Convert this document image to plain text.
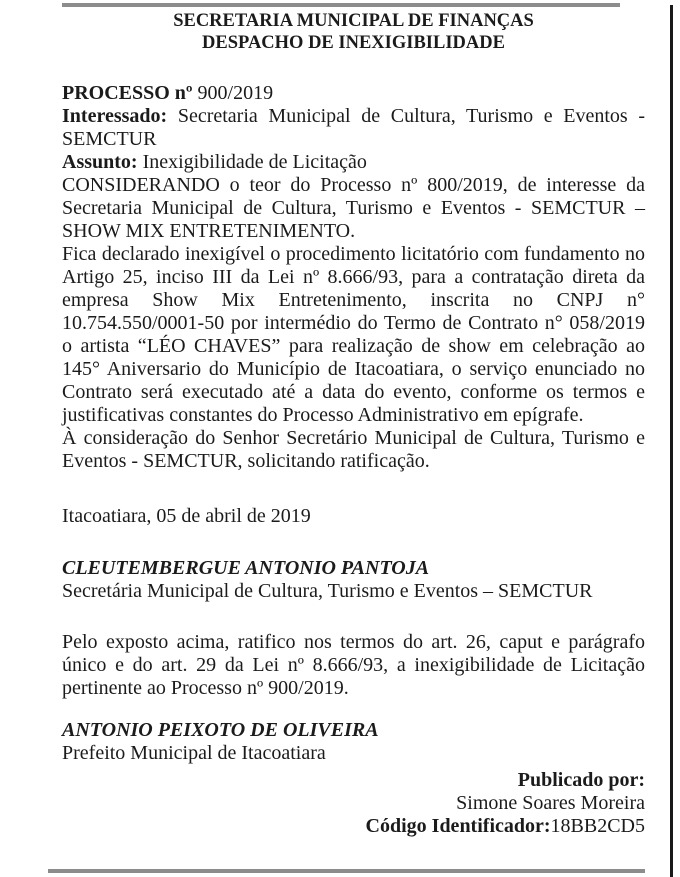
SECRETARIA MUNICIPAL DE FINANÇAS
DESPACHO DE INEXIGIBILIDADE

PROCESSO nº 900/2019

Interessado: Secretaria Municipal de Cultura, Turismo e Eventos - SEMCTUR

Assunto: Inexigibilidade de Licitação

CONSIDERANDO o teor do Processo nº 800/2019, de interesse da Secretaria Municipal de Cultura, Turismo e Eventos - SEMCTUR – SHOW MIX ENTRETENIMENTO.

Fica declarado inexigível o procedimento licitatório com fundamento no Artigo 25, inciso III da Lei nº 8.666/93, para a contratação direta da empresa Show Mix Entretenimento, inscrita no CNPJ n° 10.754.550/0001-50 por intermédio do Termo de Contrato n° 058/2019 o artista “LÉO CHAVES” para realização de show em celebração ao 145° Aniversario do Município de Itacoatiara, o serviço enunciado no Contrato será executado até a data do evento, conforme os termos e justificativas constantes do Processo Administrativo em epígrafe.

À consideração do Senhor Secretário Municipal de Cultura, Turismo e Eventos - SEMCTUR, solicitando ratificação.

Itacoatiara, 05 de abril de 2019

CLEUTEMBERGUE ANTONIO PANTOJA

Secretária Municipal de Cultura, Turismo e Eventos – SEMCTUR

Pelo exposto acima, ratifico nos termos do art. 26, caput e parágrafo único e do art. 29 da Lei nº 8.666/93, a inexigibilidade de Licitação pertinente ao Processo nº 900/2019.

ANTONIO PEIXOTO DE OLIVEIRA

Prefeito Municipal de Itacoatiara

Publicado por:

Simone Soares Moreira

Código Identificador:18BB2CD5
